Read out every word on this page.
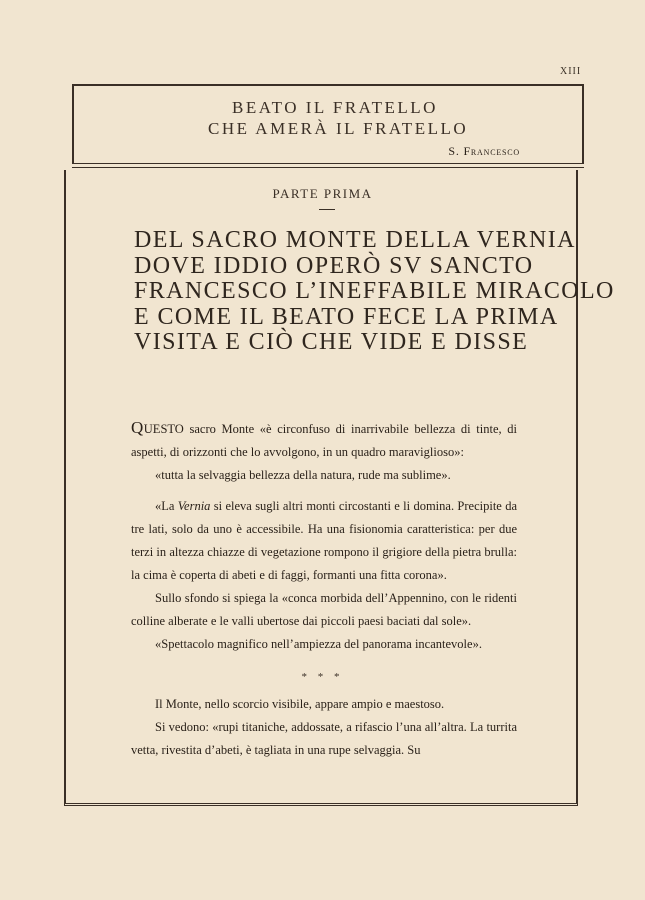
XIII
BEATO IL FRATELLO
CHE AMERÀ IL FRATELLO
S. Francesco
PARTE PRIMA
DEL SACRO MONTE DELLA VERNIA
DOVE IDDIO OPERÒ SV SANCTO
FRANCESCO L’INEFFABILE MIRACOLO
E COME IL BEATO FECE LA PRIMA
VISITA E CIÒ CHE VIDE E DISSE

QUESTO sacro Monte «è circonfuso di inarrivabile bellezza di tinte, di aspetti, di orizzonti che lo avvolgono, in un quadro maraviglioso»:

«tutta la selvaggia bellezza della natura, rude ma sublime».

«La Vernia si eleva sugli altri monti circostanti e li domina. Precipite da tre lati, solo da uno è accessibile. Ha una fisionomia caratteristica: per due terzi in altezza chiazze di vegetazione rompono il grigiore della pietra brulla: la cima è coperta di abeti e di faggi, formanti una fitta corona».

Sullo sfondo si spiega la «conca morbida dell’Appennino, con le ridenti colline alberate e le valli ubertose dai piccoli paesi baciati dal sole».

«Spettacolo magnifico nell’ampiezza del panorama incantevole».

* * *

Il Monte, nello scorcio visibile, appare ampio e maestoso.

Si vedono: «rupi titaniche, addossate, a rifascio l’una all’altra. La turrita vetta, rivestita d’abeti, è tagliata in una rupe selvaggia. Su
